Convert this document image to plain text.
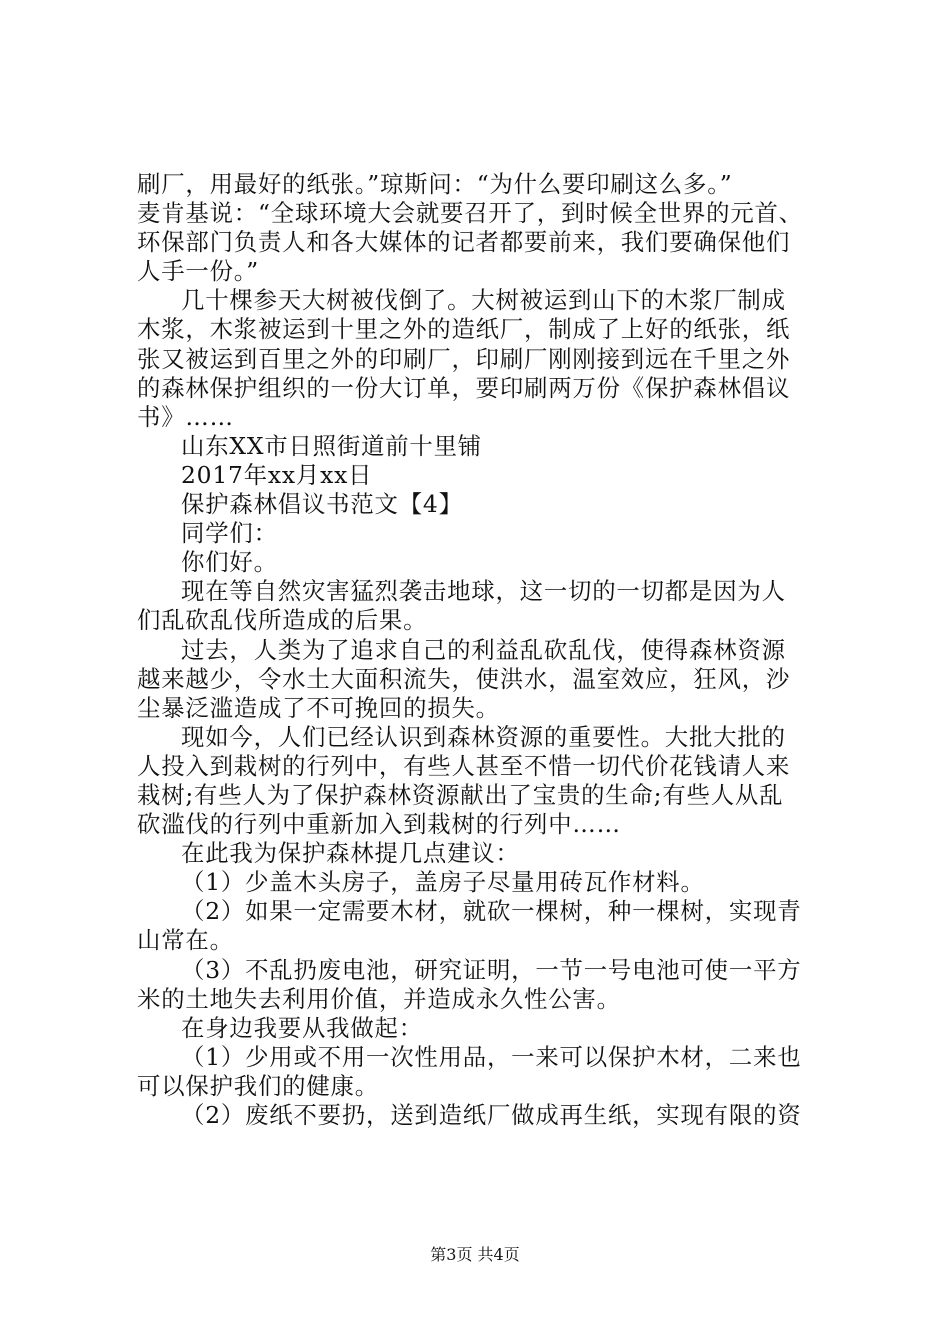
刷厂，用最好的纸张。”琼斯问：“为什么要印刷这么多。”
麦肯基说：“全球环境大会就要召开了，到时候全世界的元首、
环保部门负责人和各大媒体的记者都要前来，我们要确保他们
人手一份。”
几十棵参天大树被伐倒了。大树被运到山下的木浆厂制成
木浆，木浆被运到十里之外的造纸厂，制成了上好的纸张，纸
张又被运到百里之外的印刷厂，印刷厂刚刚接到远在千里之外
的森林保护组织的一份大订单，要印刷两万份《保护森林倡议
书》……
山东XX市日照街道前十里铺
2017年xx月xx日
保护森林倡议书范文【4】
同学们：
你们好。
现在等自然灾害猛烈袭击地球，这一切的一切都是因为人
们乱砍乱伐所造成的后果。
过去，人类为了追求自己的利益乱砍乱伐，使得森林资源
越来越少，令水土大面积流失，使洪水，温室效应，狂风，沙
尘暴泛滥造成了不可挽回的损失。
现如今，人们已经认识到森林资源的重要性。大批大批的
人投入到栽树的行列中，有些人甚至不惜一切代价花钱请人来
栽树;有些人为了保护森林资源献出了宝贵的生命;有些人从乱
砍滥伐的行列中重新加入到栽树的行列中……
在此我为保护森林提几点建议：
（1）少盖木头房子，盖房子尽量用砖瓦作材料。
（2）如果一定需要木材，就砍一棵树，种一棵树，实现青
山常在。
（3）不乱扔废电池，研究证明，一节一号电池可使一平方
米的土地失去利用价值，并造成永久性公害。
在身边我要从我做起：
（1）少用或不用一次性用品，一来可以保护木材，二来也
可以保护我们的健康。
（2）废纸不要扔，送到造纸厂做成再生纸，实现有限的资
第3页 共4页
